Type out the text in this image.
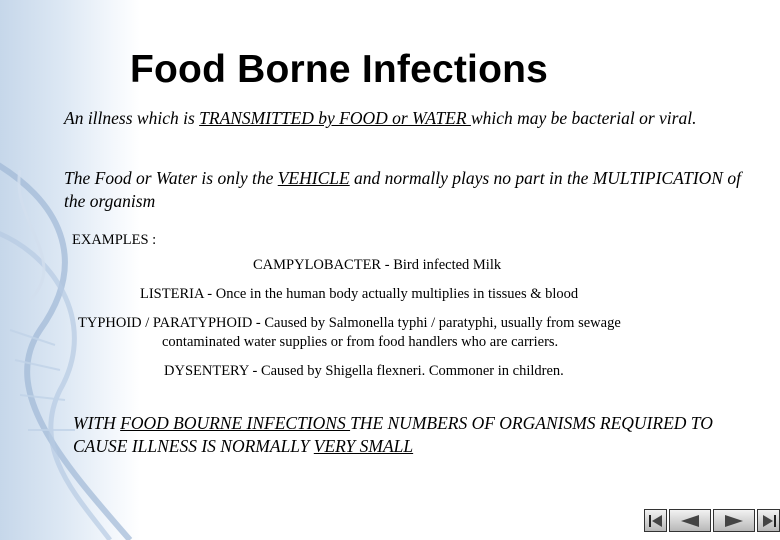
Food Borne Infections
An illness which is TRANSMITTED by FOOD or WATER which may be bacterial or viral.
The Food or Water is only the VEHICLE and normally plays no part in the MULTIPICATION of the organism
EXAMPLES :
CAMPYLOBACTER - Bird infected Milk
LISTERIA - Once in the human body actually multiplies in tissues & blood
TYPHOID / PARATYPHOID - Caused by Salmonella typhi / paratyphi, usually from sewage
contaminated water supplies or from food handlers who are carriers.
DYSENTERY - Caused by Shigella flexneri. Commoner in children.
WITH FOOD BOURNE INFECTIONS THE NUMBERS OF ORGANISMS REQUIRED TO CAUSE ILLNESS IS NORMALLY VERY SMALL
